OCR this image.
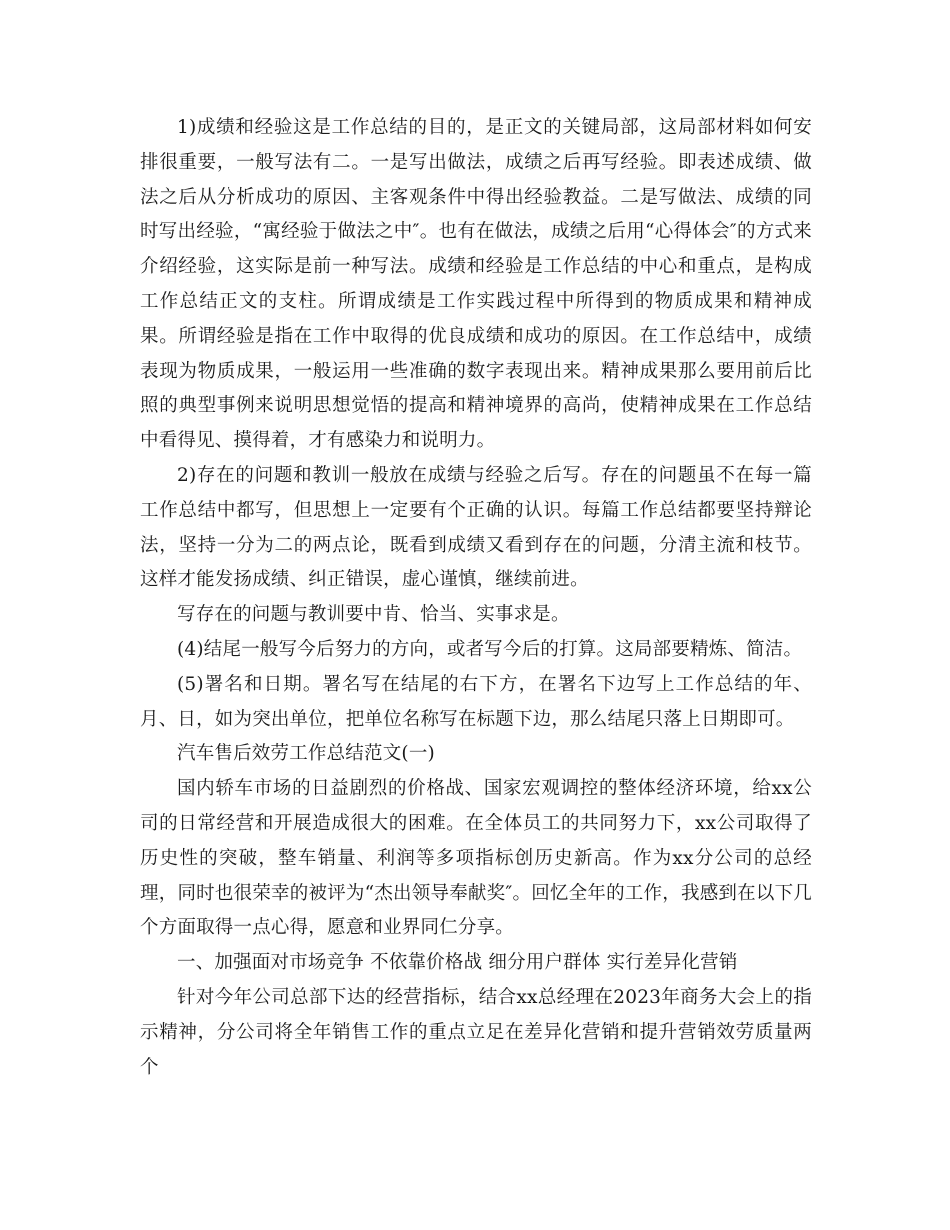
1)成绩和经验这是工作总结的目的，是正文的关键局部，这局部材料如何安排很重要，一般写法有二。一是写出做法，成绩之后再写经验。即表述成绩、做法之后从分析成功的原因、主客观条件中得出经验教益。二是写做法、成绩的同时写出经验，“寓经验于做法之中″。也有在做法，成绩之后用“心得体会″的方式来介绍经验，这实际是前一种写法。成绩和经验是工作总结的中心和重点，是构成工作总结正文的支柱。所谓成绩是工作实践过程中所得到的物质成果和精神成果。所谓经验是指在工作中取得的优良成绩和成功的原因。在工作总结中，成绩表现为物质成果，一般运用一些准确的数字表现出来。精神成果那么要用前后比照的典型事例来说明思想觉悟的提高和精神境界的高尚，使精神成果在工作总结中看得见、摸得着，才有感染力和说明力。

2)存在的问题和教训一般放在成绩与经验之后写。存在的问题虽不在每一篇工作总结中都写，但思想上一定要有个正确的认识。每篇工作总结都要坚持辩论法，坚持一分为二的两点论，既看到成绩又看到存在的问题，分清主流和枝节。这样才能发扬成绩、纠正错误，虚心谨慎，继续前进。

写存在的问题与教训要中肯、恰当、实事求是。

(4)结尾一般写今后努力的方向，或者写今后的打算。这局部要精炼、简洁。

(5)署名和日期。署名写在结尾的右下方，在署名下边写上工作总结的年、月、日，如为突出单位，把单位名称写在标题下边，那么结尾只落上日期即可。

汽车售后效劳工作总结范文(一)

国内轿车市场的日益剧烈的价格战、国家宏观调控的整体经济环境，给xx公司的日常经营和开展造成很大的困难。在全体员工的共同努力下，xx公司取得了历史性的突破，整车销量、利润等多项指标创历史新高。作为xx分公司的总经理，同时也很荣幸的被评为“杰出领导奉献奖″。回忆全年的工作，我感到在以下几个方面取得一点心得，愿意和业界同仁分享。

一、加强面对市场竞争 不依靠价格战 细分用户群体 实行差异化营销

针对今年公司总部下达的经营指标，结合xx总经理在2023年商务大会上的指示精神，分公司将全年销售工作的重点立足在差异化营销和提升营销效劳质量两个
